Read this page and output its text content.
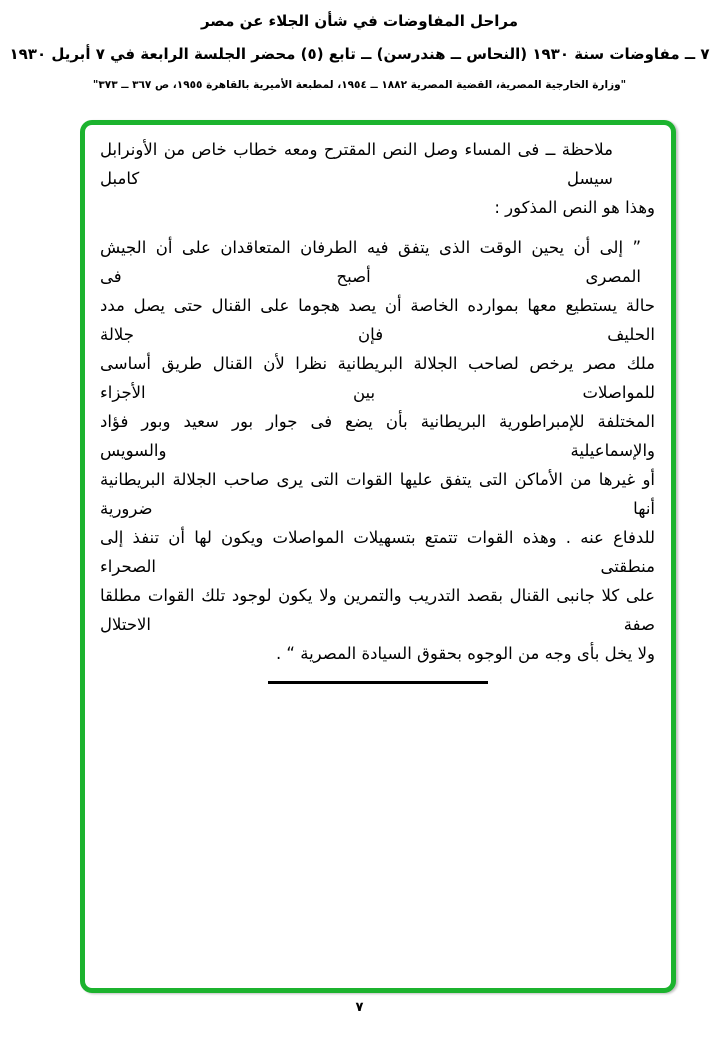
مراحل المفاوضات في شأن الجلاء عن مصر
٧ ــ مفاوضات سنة ١٩٣٠ (النحاس ــ هندرسن) ــ تابع (٥) محضر الجلسة الرابعة في ٧ أبريل ١٩٣٠
"وزارة الخارجية المصرية، القضية المصرية ١٨٨٢ ــ ١٩٥٤، لمطبعة الأميرية بالقاهرة ١٩٥٥، ص ٣٦٧ ــ ٣٧٣"
ملاحظة ــ فى المساء وصل النص المقترح ومعه خطاب خاص من الأونرابل سيسل كامبل
وهذا هو النص المذكور :
” إلى أن يحين الوقت الذى يتفق فيه الطرفان المتعاقدان على أن الجيش المصرى أصبح فى
حالة يستطيع معها بموارده الخاصة أن يصد هجوما على القنال حتى يصل مدد الحليف فإن جلالة
ملك مصر يرخص لصاحب الجلالة البريطانية نظرا لأن القنال طريق أساسى للمواصلات بين الأجزاء
المختلفة للإمبراطورية البريطانية بأن يضع فى جوار بور سعيد وبور فؤاد والإسماعيلية والسويس
أو غيرها من الأماكن التى يتفق عليها القوات التى يرى صاحب الجلالة البريطانية أنها ضرورية
للدفاع عنه . وهذه القوات تتمتع بتسهيلات المواصلات ويكون لها أن تنفذ إلى منطقتى الصحراء
على كلا جانبى القنال بقصد التدريب والتمرين ولا يكون لوجود تلك القوات مطلقا صفة الاحتلال
ولا يخل بأى وجه من الوجوه بحقوق السيادة المصرية “ .
٧
